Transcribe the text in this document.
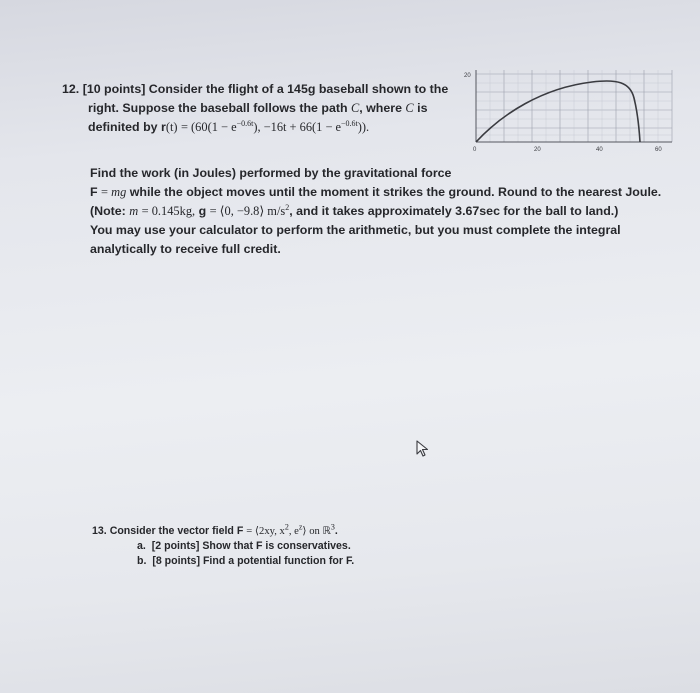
12. [10 points] Consider the flight of a 145g baseball shown to the
right. Suppose the baseball follows the path C, where C is
definited by $r(t) = (60(1 - e^{-0.6t})$, $-16t + 66(1 - e^{-0.6t})$).
20
0	20	40	60
Find the work (in Joules) performed by the gravitational force
F = mg while the object moves until the moment it strikes the ground. Round to the nearest Joule.
(Note: m = 0.145kg, g = ⟨0, −9.8⟩ $m/s^2$, and it takes approximately 3.67sec for the ball to land.)
You may use your calculator to perform the arithmetic, but you must complete the integral
analytically to receive full credit.
13. Consider the vector field F = ⟨2xy, $x^2$, $e^z⟩$ on ℝ$^3$.
a. [2 points] Show that F is conservatives.
b. [8 points] Find a potential function for F.
